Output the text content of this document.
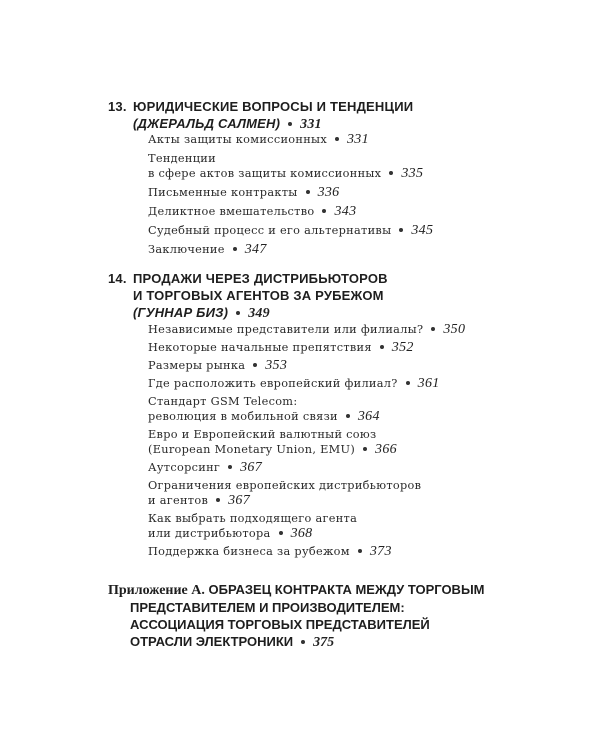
13. ЮРИДИЧЕСКИЕ ВОПРОСЫ И ТЕНДЕНЦИИ
(ДЖЕРАЛЬД САЛМЕН) 331
Акты защиты комиссионных 331
Тенденции
в сфере актов защиты комиссионных 335
Письменные контракты 336
Деликтное вмешательство 343
Судебный процесс и его альтернативы 345
Заключение 347
14. ПРОДАЖИ ЧЕРЕЗ ДИСТРИБЬЮТОРОВ
И ТОРГОВЫХ АГЕНТОВ ЗА РУБЕЖОМ
(ГУННАР БИЗ) 349
Независимые представители или филиалы? 350
Некоторые начальные препятствия 352
Размеры рынка 353
Где расположить европейский филиал? 361
Стандарт GSM Telecom:
революция в мобильной связи 364
Евро и Европейский валютный союз
(European Monetary Union, EMU) 366
Аутсорсинг 367
Ограничения европейских дистрибьюторов
и агентов 367
Как выбрать подходящего агента
или дистрибьютора 368
Поддержка бизнеса за рубежом 373
Приложение А. ОБРАЗЕЦ КОНТРАКТА МЕЖДУ ТОРГОВЫМ
ПРЕДСТАВИТЕЛЕМ И ПРОИЗВОДИТЕЛЕМ:
АССОЦИАЦИЯ ТОРГОВЫХ ПРЕДСТАВИТЕЛЕЙ
ОТРАСЛИ ЭЛЕКТРОНИКИ 375
